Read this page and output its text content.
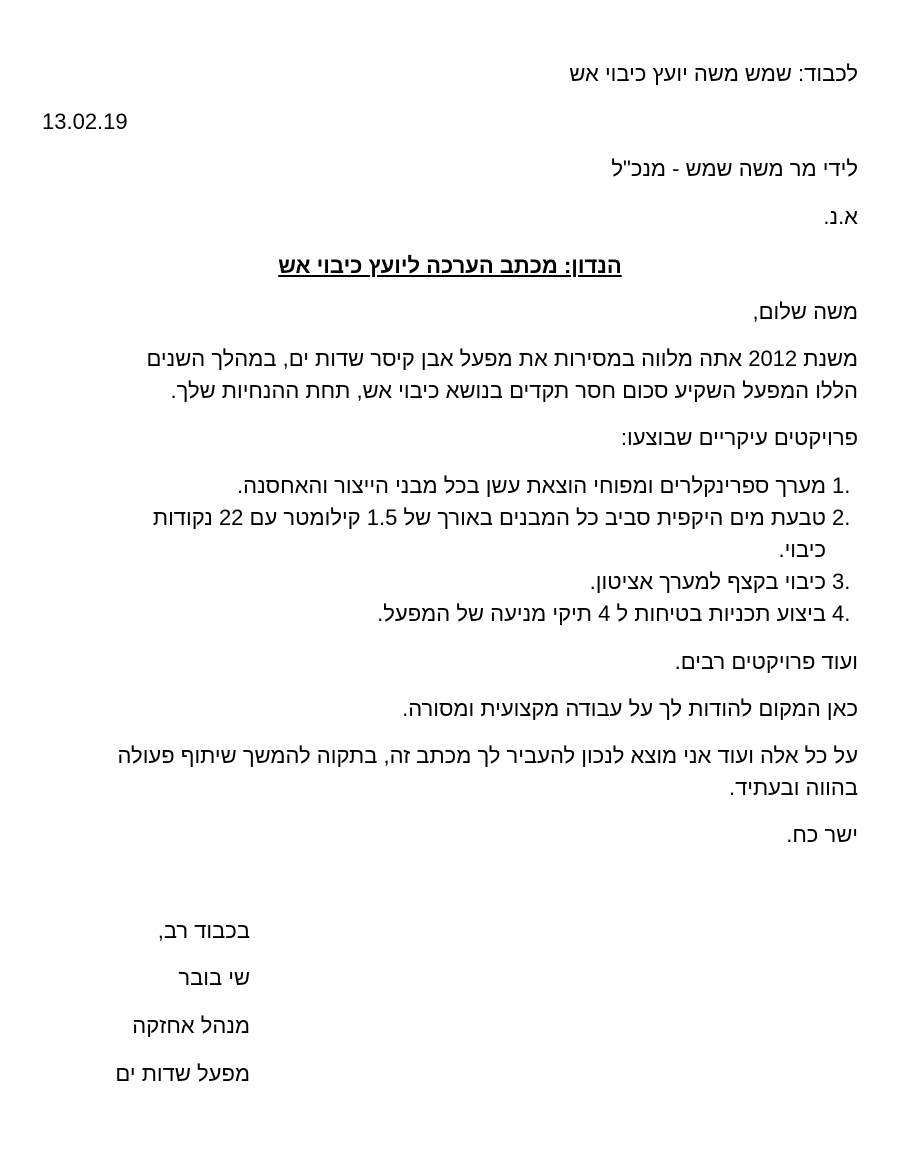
לכבוד: שמש משה יועץ כיבוי אש
13.02.19
לידי מר משה שמש - מנכ"ל
א.נ.
הנדון: מכתב הערכה ליועץ כיבוי אש
משה שלום,
משנת 2012 אתה מלווה במסירות את מפעל אבן קיסר שדות ים, במהלך השנים
הללו המפעל השקיע סכום חסר תקדים בנושא כיבוי אש, תחת ההנחיות שלך.
פרויקטים עיקריים שבוצעו:
1.
מערך ספרינקלרים ומפוחי הוצאת עשן בכל מבני הייצור והאחסנה.
2.
טבעת מים היקפית סביב כל המבנים באורך של 1.5 קילומטר עם 22 נקודות
כיבוי.
3.
כיבוי בקצף למערך אציטון.
4.
ביצוע תכניות בטיחות ל 4 תיקי מניעה של המפעל.
ועוד פרויקטים רבים.
כאן המקום להודות לך על עבודה מקצועית ומסורה.
על כל אלה ועוד אני מוצא לנכון להעביר לך מכתב זה, בתקוה להמשך שיתוף פעולה
בהווה ובעתיד.
ישר כח.
בכבוד רב,
שי בובר
מנהל אחזקה
מפעל שדות ים
